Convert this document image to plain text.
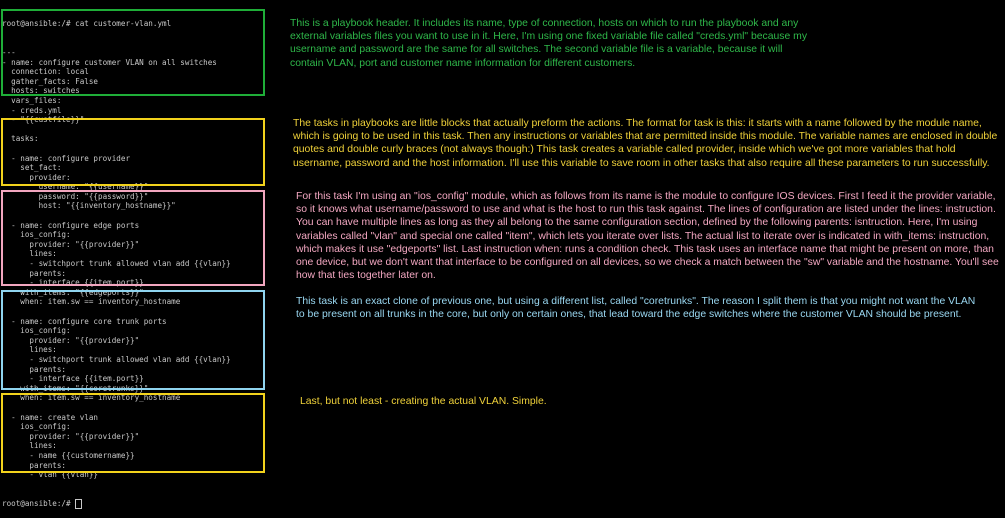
root@ansible:/# cat customer-vlan.yml

---
- name: configure customer VLAN on all switches
connection: local
gather_facts: False
hosts: switches
vars_files:
- creds.yml
- "{{custfile}}"
tasks:
- name: configure provider
set_fact:
provider:
username: "{{username}}"
password: "{{password}}"
host: "{{inventory_hostname}}"
- name: configure edge ports
ios_config:
provider: "{{provider}}"
lines:
- switchport trunk allowed vlan add {{vlan}}
parents:
- interface {{item.port}}
with_items: "{{edgeports}}"
when: item.sw == inventory_hostname
- name: configure core trunk ports
ios_config:
provider: "{{provider}}"
lines:
- switchport trunk allowed vlan add {{vlan}}
parents:
- interface {{item.port}}
with_items: "{{coretrunks}}"
when: item.sw == inventory_hostname
- name: create vlan
ios_config:
provider: "{{provider}}"
lines:
- name {{customername}}
parents:
- vlan {{vlan}}

root@ansible:/#

This is a playbook header. It includes its name, type of connection, hosts on which to run the playbook and any external variables files you want to use in it. Here, I'm using one fixed variable file called "creds.yml" because my username and password are the same for all switches. The second variable file is a variable, because it will contain VLAN, port and customer name information for different customers.
The tasks in playbooks are little blocks that actually preform the actions. The format for task is this: it starts with a name followed by the module name, which is going to be used in this task. Then any instructions or variables that are permitted inside this module. The variable names are enclosed in double quotes and double curly braces (not always though:) This task creates a variable called provider, inside which we've got more variables that hold username, password and the host information. I'll use this variable to save room in other tasks that also require all these parameters to run successfully.
For this task I'm using an "ios_config" module, which as follows from its name is the module to configure IOS devices. First I feed it the provider variable, so it knows what username/password to use and what is the host to run this task against. The lines of configuration are listed under the lines: instruction. You can have multiple lines as long as they all belong to the same configuration section, defined by the following parents: isntruction. Here, I'm using variables called "vlan" and special one called "item", which lets you iterate over lists. The actual list to iterate over is indicated in with_items: instruction, which makes it use "edgeports" list. Last instruction when: runs a condition check. This task uses an interface name that might be present on more, than one device, but we don't want that interface to be configured on all devices, so we check a match between the "sw" variable and the hostname. You'll see how that ties together later on.
This task is an exact clone of previous one, but using a different list, called "coretrunks". The reason I split them is that you might not want the VLAN to be present on all trunks in the core, but only on certain ones, that lead toward the edge switches where the customer VLAN should be present.
Last, but not least - creating the actual VLAN. Simple.
